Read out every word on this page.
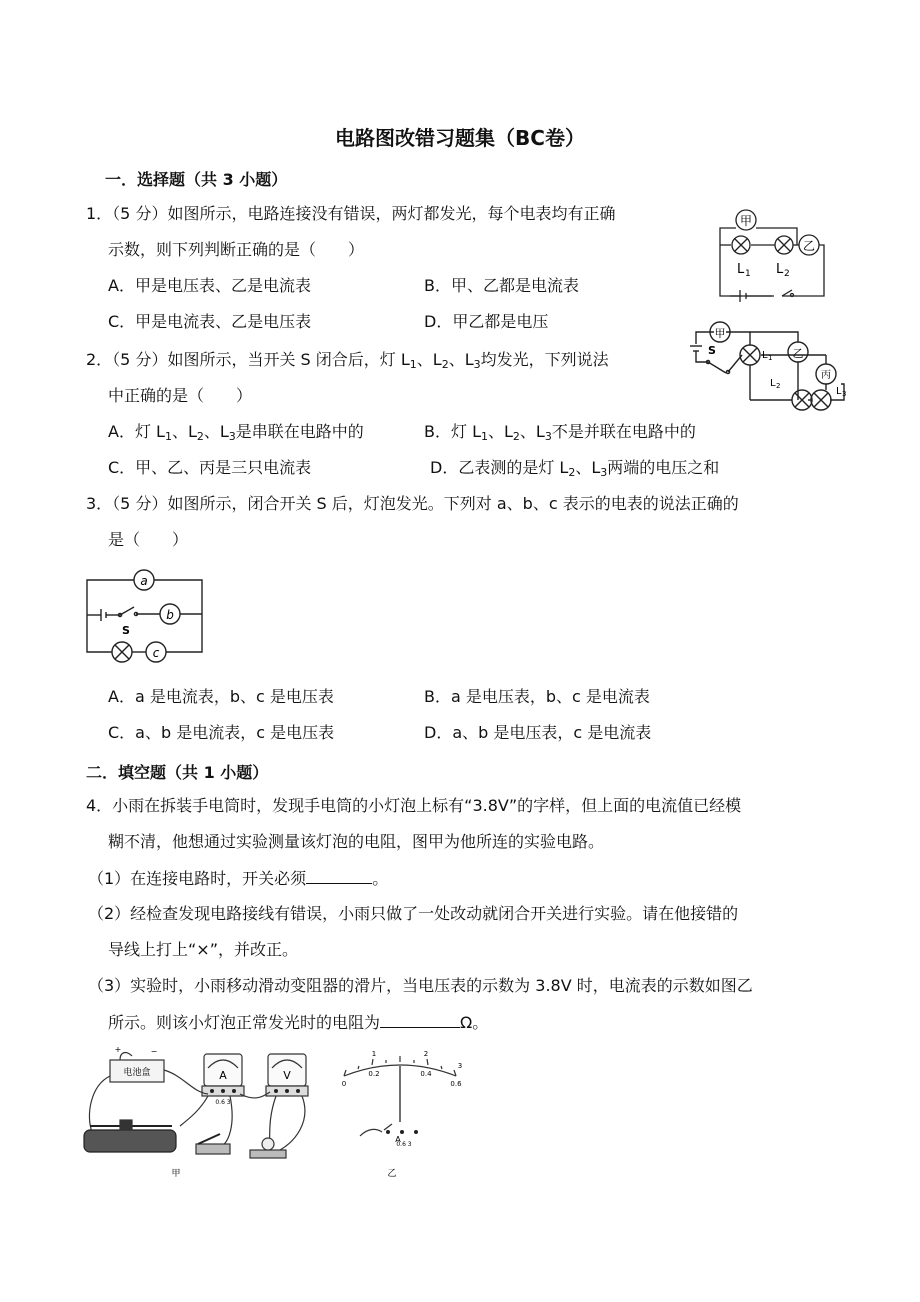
电路图改错习题集（BC卷）
一．选择题（共 3 小题）
1．（5 分）如图所示，电路连接没有错误，两灯都发光，每个电表均有正确
示数，则下列判断正确的是（　　）
A．甲是电压表、乙是电流表	B．甲、乙都是电流表
C．甲是电流表、乙是电压表	D．甲乙都是电压
甲
乙
L 1 L 2
2．（5 分）如图所示，当开关 S 闭合后，灯 $L_1$、$L_2$、$L_3$均发光，下列说法
中正确的是（　　）
A．灯 $L_1$、$L_2$、$L_3$是串联在电路中的	B．灯 $L_1$、$L_2$、$L_3$不是并联在电路中的
C．甲、乙、丙是三只电流表	D．乙表测的是灯 $L_2$、$L_3$两端的电压之和
甲
乙
丙
S	L 1
L 2	L 3
3．（5 分）如图所示，闭合开关 S 后，灯泡发光。下列对 a、b、c 表示的电表的说法正确的
是（　　）
a
b
c
S
A．a 是电流表，b、c 是电压表	B．a 是电压表，b、c 是电流表
C．a、b 是电流表，c 是电压表	D．a、b 是电压表，c 是电流表
二．填空题（共 1 小题）
4．小雨在拆装手电筒时，发现手电筒的小灯泡上标有“3.8V”的字样，但上面的电流值已经模
糊不清，他想通过实验测量该灯泡的电阻，图甲为他所连的实验电路。
（1）在连接电路时，开关必须	。
（2）经检查发现电路接线有错误，小雨只做了一处改动就闭合开关进行实验。请在他接错的
导线上打上“×”，并改正。
（3）实验时，小雨移动滑动变阻器的滑片，当电压表的示数为 3.8V 时，电流表的示数如图乙
所示。则该小灯泡正常发光时的电阻为	Ω。
电池盒
+	−
A	V
0.6 3
甲
0
0.2	0.4
0.6
1	2
3
A
0.6 3
乙
